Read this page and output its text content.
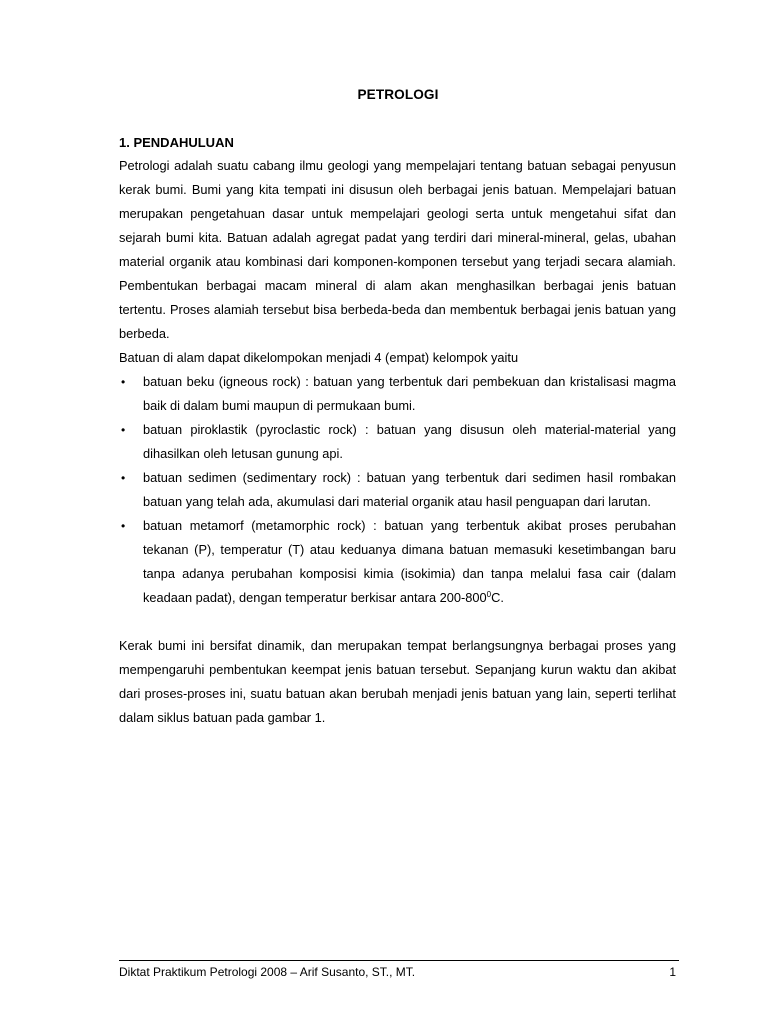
PETROLOGI

1. PENDAHULUAN

Petrologi adalah suatu cabang ilmu geologi yang mempelajari tentang batuan sebagai penyusun kerak bumi. Bumi yang kita tempati ini disusun oleh berbagai jenis batuan. Mempelajari batuan merupakan pengetahuan dasar untuk mempelajari geologi serta untuk mengetahui sifat dan sejarah bumi kita. Batuan adalah agregat padat yang terdiri dari mineral-mineral, gelas, ubahan material organik atau kombinasi dari komponen-komponen tersebut yang terjadi secara alamiah. Pembentukan berbagai macam mineral di alam akan menghasilkan berbagai jenis batuan tertentu. Proses alamiah tersebut bisa berbeda-beda dan membentuk berbagai jenis batuan yang berbeda.

Batuan di alam dapat dikelompokan menjadi 4 (empat) kelompok yaitu

• batuan beku (igneous rock) : batuan yang terbentuk dari pembekuan dan kristalisasi magma baik di dalam bumi maupun di permukaan bumi.
• batuan piroklastik (pyroclastic rock) : batuan yang disusun oleh material-material yang dihasilkan oleh letusan gunung api.
• batuan sedimen (sedimentary rock) : batuan yang terbentuk dari sedimen hasil rombakan batuan yang telah ada, akumulasi dari material organik atau hasil penguapan dari larutan.
• batuan metamorf (metamorphic rock) : batuan yang terbentuk akibat proses perubahan tekanan (P), temperatur (T) atau keduanya dimana batuan memasuki kesetimbangan baru tanpa adanya perubahan komposisi kimia (isokimia) dan tanpa melalui fasa cair (dalam keadaan padat), dengan temperatur berkisar antara $200-800^0C$.

Kerak bumi ini bersifat dinamik, dan merupakan tempat berlangsungnya berbagai proses yang mempengaruhi pembentukan keempat jenis batuan tersebut. Sepanjang kurun waktu dan akibat dari proses-proses ini, suatu batuan akan berubah menjadi jenis batuan yang lain, seperti terlihat dalam siklus batuan pada gambar 1.

Diktat Praktikum Petrologi 2008 – Arif Susanto, ST., MT.	1
